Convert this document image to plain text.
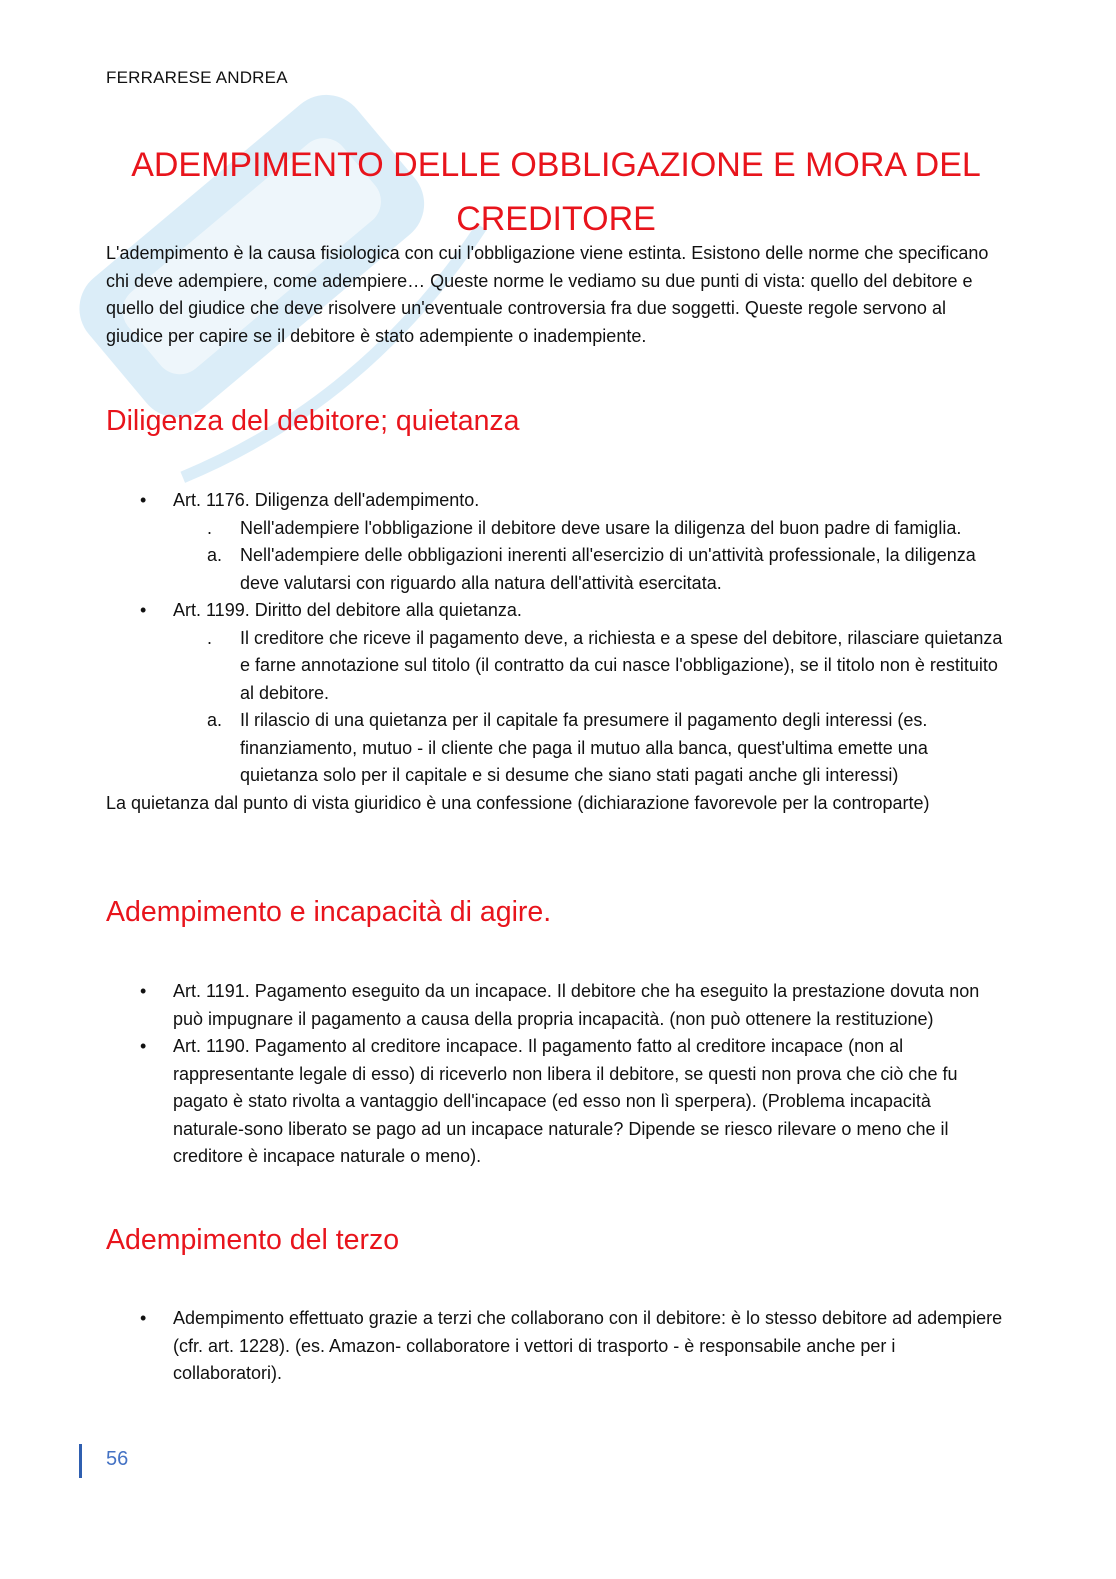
FERRARESE ANDREA
ADEMPIMENTO DELLE OBBLIGAZIONE E MORA DEL CREDITORE

L'adempimento è la causa fisiologica con cui l'obbligazione viene estinta. Esistono delle norme che specificano chi deve adempiere, come adempiere… Queste norme le vediamo su due punti di vista: quello del debitore e quello del giudice che deve risolvere un'eventuale controversia fra due soggetti. Queste regole servono al giudice per capire se il debitore è stato adempiente o inadempiente.

Diligenza del debitore; quietanza
• Art. 1176. Diligenza dell'adempimento.
.	Nell'adempiere l'obbligazione il debitore deve usare la diligenza del buon padre di famiglia.
a. Nell'adempiere delle obbligazioni inerenti all'esercizio di un'attività professionale, la diligenza deve valutarsi con riguardo alla natura dell'attività esercitata.
• Art. 1199. Diritto del debitore alla quietanza.
.	Il creditore che riceve il pagamento deve, a richiesta e a spese del debitore, rilasciare quietanza e farne annotazione sul titolo (il contratto da cui nasce l'obbligazione), se il titolo non è restituito al debitore.
a. Il rilascio di una quietanza per il capitale fa presumere il pagamento degli interessi (es. finanziamento, mutuo - il cliente che paga il mutuo alla banca, quest'ultima emette una quietanza solo per il capitale e si desume che siano stati pagati anche gli interessi)

La quietanza dal punto di vista giuridico è una confessione (dichiarazione favorevole per la controparte)

Adempimento e incapacità di agire.
• Art. 1191. Pagamento eseguito da un incapace. Il debitore che ha eseguito la prestazione dovuta non può impugnare il pagamento a causa della propria incapacità. (non può ottenere la restituzione)
• Art. 1190. Pagamento al creditore incapace. Il pagamento fatto al creditore incapace (non al rappresentante legale di esso) di riceverlo non libera il debitore, se questi non prova che ciò che fu pagato è stato rivolta a vantaggio dell'incapace (ed esso non lì sperpera). (Problema incapacità naturale-sono liberato se pago ad un incapace naturale? Dipende se riesco rilevare o meno che il creditore è incapace naturale o meno).
Adempimento del terzo
• Adempimento effettuato grazie a terzi che collaborano con il debitore: è lo stesso debitore ad adempiere (cfr. art. 1228). (es. Amazon- collaboratore i vettori di trasporto - è responsabile anche per i collaboratori).
56
